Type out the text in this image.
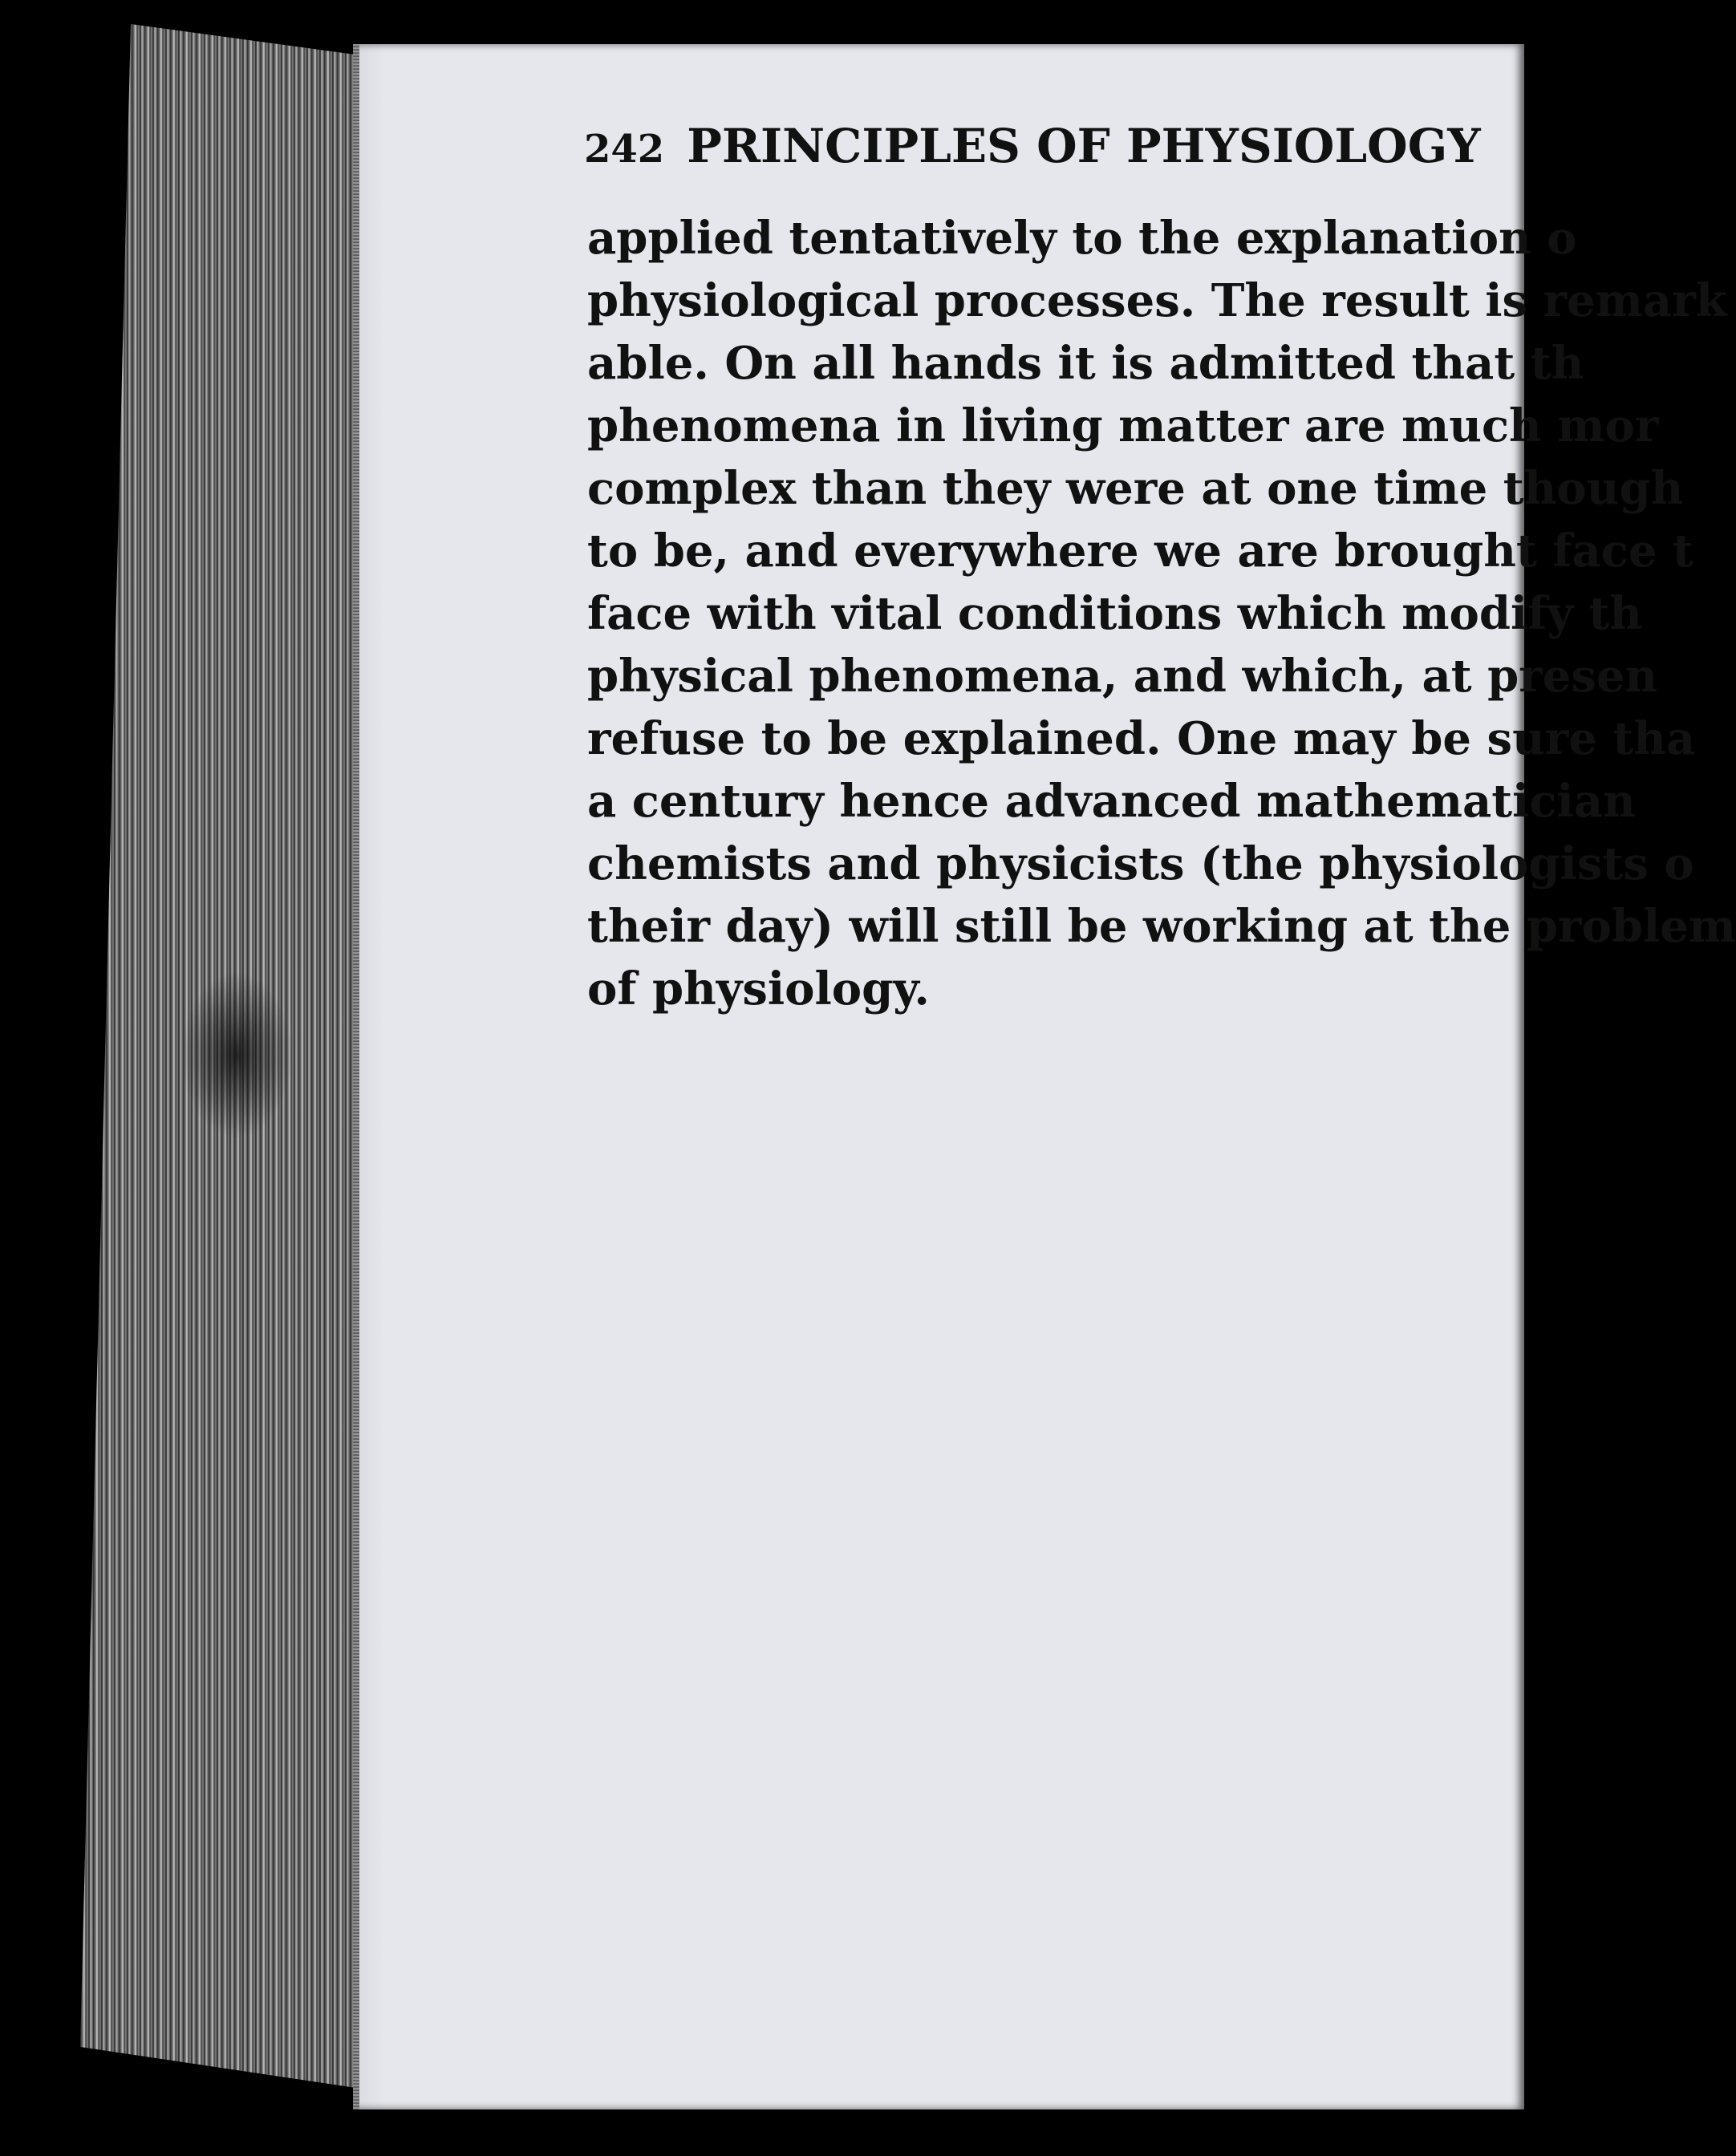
242 PRINCIPLES OF PHYSIOLOGY

applied tentatively to the explanation o

physiological processes. The result is remark

able. On all hands it is admitted that th

phenomena in living matter are much mor

complex than they were at one time though

to be, and everywhere we are brought face t

face with vital conditions which modify th

physical phenomena, and which, at presen

refuse to be explained. One may be sure tha

a century hence advanced mathematician

chemists and physicists (the physiologists o

their day) will still be working at the problem

of physiology.
